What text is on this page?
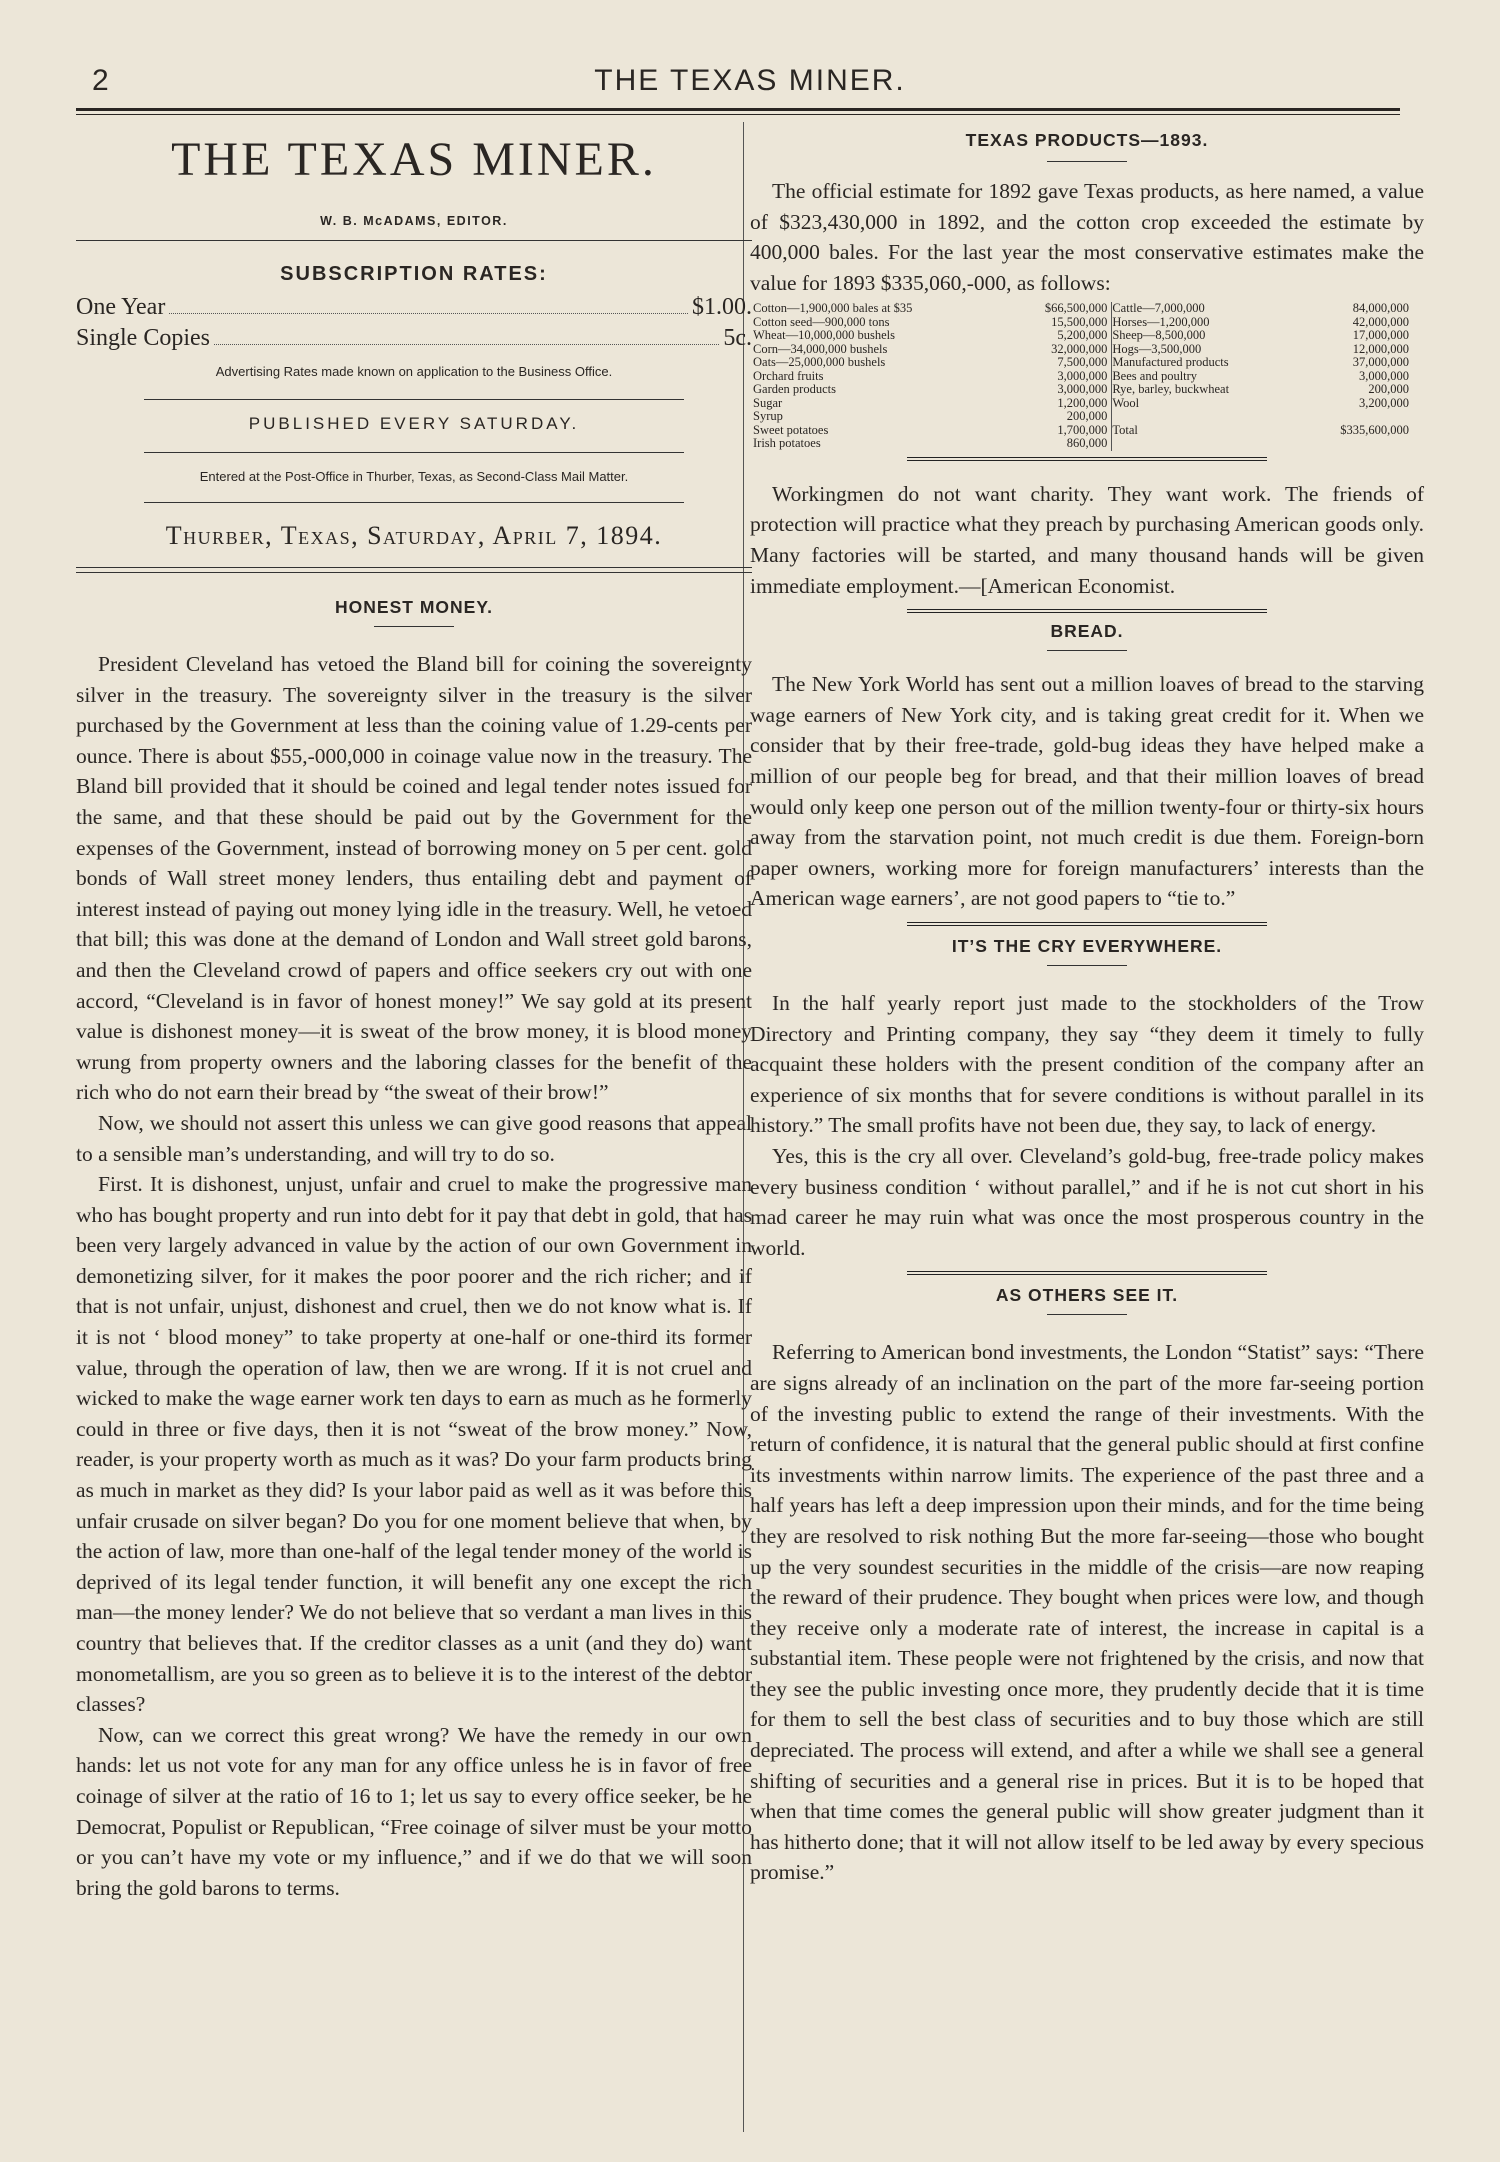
2	THE TEXAS MINER.
THE TEXAS MINER.
W. B. McADAMS, EDITOR.
SUBSCRIPTION RATES:
One Year	$1.00.
Single Copies	5c.
Advertising Rates made known on application to the Business Office.
PUBLISHED EVERY SATURDAY.
Entered at the Post-Office in Thurber, Texas, as Second-Class Mail Matter.
Thurber, Texas, Saturday, April 7, 1894.
HONEST MONEY.

President Cleveland has vetoed the Bland bill for coining the sovereignty silver in the treasury. The sovereignty silver in the treasury is the silver purchased by the Government at less than the coining value of 1.29-cents per ounce. There is about $55,-000,000 in coinage value now in the treasury. The Bland bill provided that it should be coined and legal tender notes issued for the same, and that these should be paid out by the Government for the expenses of the Government, instead of borrowing money on 5 per cent. gold bonds of Wall street money lenders, thus entailing debt and payment of interest instead of paying out money lying idle in the treasury. Well, he vetoed that bill; this was done at the demand of London and Wall street gold barons, and then the Cleveland crowd of papers and office seekers cry out with one accord, “Cleveland is in favor of honest money!” We say gold at its present value is dishonest money—it is sweat of the brow money, it is blood money wrung from property owners and the laboring classes for the benefit of the rich who do not earn their bread by “the sweat of their brow!”

Now, we should not assert this unless we can give good reasons that appeal to a sensible man’s understanding, and will try to do so.

First. It is dishonest, unjust, unfair and cruel to make the progressive man who has bought property and run into debt for it pay that debt in gold, that has been very largely advanced in value by the action of our own Government in demonetizing silver, for it makes the poor poorer and the rich richer; and if that is not unfair, unjust, dishonest and cruel, then we do not know what is. If it is not ‘ blood money” to take property at one-half or one-third its former value, through the operation of law, then we are wrong. If it is not cruel and wicked to make the wage earner work ten days to earn as much as he formerly could in three or five days, then it is not “sweat of the brow money.” Now, reader, is your property worth as much as it was? Do your farm products bring as much in market as they did? Is your labor paid as well as it was before this unfair crusade on silver began? Do you for one moment believe that when, by the action of law, more than one-half of the legal tender money of the world is deprived of its legal tender function, it will benefit any one except the rich man—the money lender? We do not believe that so verdant a man lives in this country that believes that. If the creditor classes as a unit (and they do) want monometallism, are you so green as to believe it is to the interest of the debtor classes?

Now, can we correct this great wrong? We have the remedy in our own hands: let us not vote for any man for any office unless he is in favor of free coinage of silver at the ratio of 16 to 1; let us say to every office seeker, be he Democrat, Populist or Republican, “Free coinage of silver must be your motto or you can’t have my vote or my influence,” and if we do that we will soon bring the gold barons to terms.

TEXAS PRODUCTS—1893.

The official estimate for 1892 gave Texas products, as here named, a value of $323,430,000 in 1892, and the cotton crop exceeded the estimate by 400,000 bales. For the last year the most conservative estimates make the value for 1893 $335,060,-000, as follows:

Cotton—1,900,000 bales at $35	$66,500,000	Cattle—7,000,000	84,000,000
Cotton seed—900,000 tons	15,500,000	Horses—1,200,000	42,000,000
Wheat—10,000,000 bushels	5,200,000	Sheep—8,500,000	17,000,000
Corn—34,000,000 bushels	32,000,000	Hogs—3,500,000	12,000,000
Oats—25,000,000 bushels	7,500,000	Manufactured products	37,000,000
Orchard fruits	3,000,000	Bees and poultry	3,000,000
Garden products	3,000,000	Rye, barley, buckwheat	200,000
Sugar	1,200,000	Wool	3,200,000
Syrup	200,000		
Sweet potatoes	1,700,000	Total	$335,600,000
Irish potatoes	860,000		

Workingmen do not want charity. They want work. The friends of protection will practice what they preach by purchasing American goods only. Many factories will be started, and many thousand hands will be given immediate employment.—[American Economist.

BREAD.

The New York World has sent out a million loaves of bread to the starving wage earners of New York city, and is taking great credit for it. When we consider that by their free-trade, gold-bug ideas they have helped make a million of our people beg for bread, and that their million loaves of bread would only keep one person out of the million twenty-four or thirty-six hours away from the starvation point, not much credit is due them. Foreign-born paper owners, working more for foreign manufacturers’ interests than the American wage earners’, are not good papers to “tie to.”

IT’S THE CRY EVERYWHERE.

In the half yearly report just made to the stockholders of the Trow Directory and Printing company, they say “they deem it timely to fully acquaint these holders with the present condition of the company after an experience of six months that for severe conditions is without parallel in its history.” The small profits have not been due, they say, to lack of energy.

Yes, this is the cry all over. Cleveland’s gold-bug, free-trade policy makes every business condition ‘ without parallel,” and if he is not cut short in his mad career he may ruin what was once the most prosperous country in the world.

AS OTHERS SEE IT.

Referring to American bond investments, the London “Statist” says: “There are signs already of an inclination on the part of the more far-seeing portion of the investing public to extend the range of their investments. With the return of confidence, it is natural that the general public should at first confine its investments within narrow limits. The experience of the past three and a half years has left a deep impression upon their minds, and for the time being they are resolved to risk nothing But the more far-seeing—those who bought up the very soundest securities in the middle of the crisis—are now reaping the reward of their prudence. They bought when prices were low, and though they receive only a moderate rate of interest, the increase in capital is a substantial item. These people were not frightened by the crisis, and now that they see the public investing once more, they prudently decide that it is time for them to sell the best class of securities and to buy those which are still depreciated. The process will extend, and after a while we shall see a general shifting of securities and a general rise in prices. But it is to be hoped that when that time comes the general public will show greater judgment than it has hitherto done; that it will not allow itself to be led away by every specious promise.”
